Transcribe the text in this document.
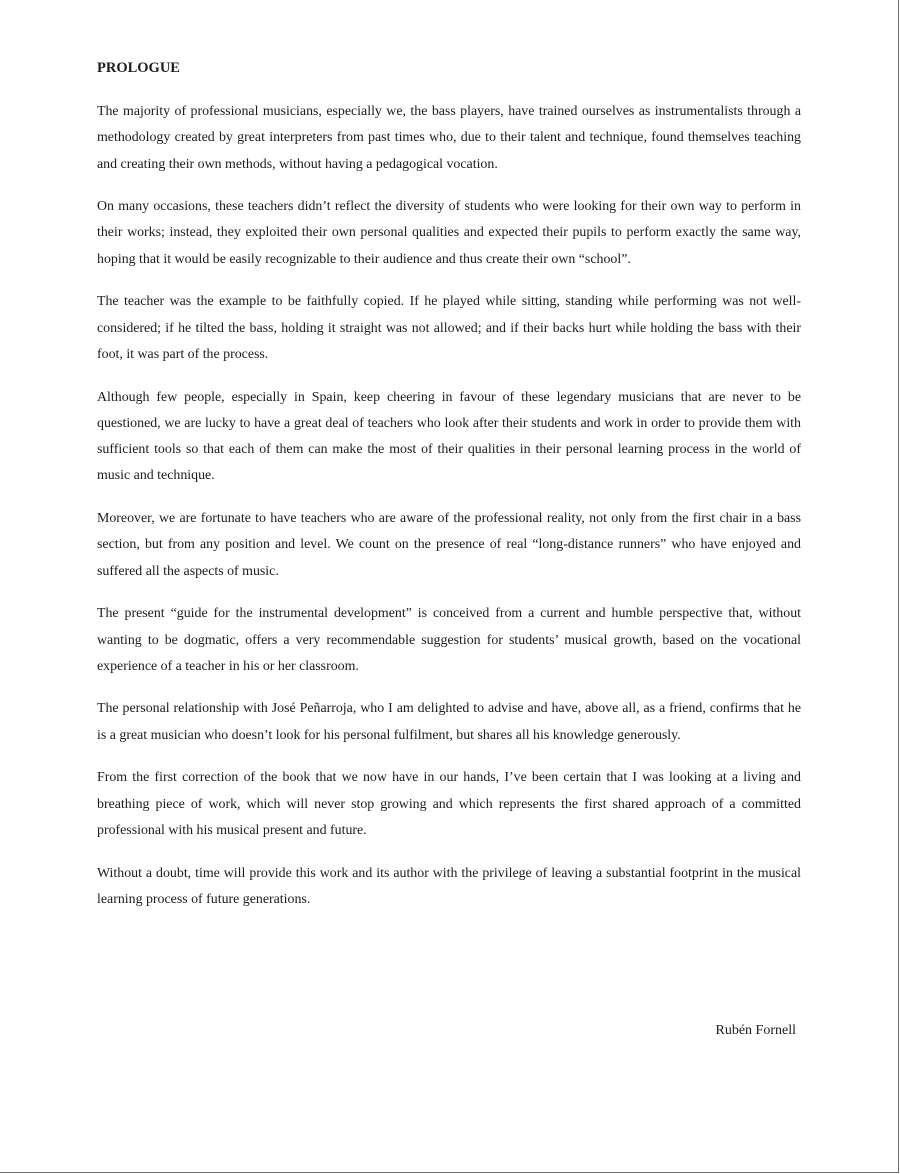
PROLOGUE

The majority of professional musicians, especially we, the bass players, have trained ourselves as instrumentalists through a methodology created by great interpreters from past times who, due to their talent and technique, found themselves teaching and creating their own methods, without having a pedagogical vocation.

On many occasions, these teachers didn’t reflect the diversity of students who were looking for their own way to perform in their works; instead, they exploited their own personal qualities and expected their pupils to perform exactly the same way, hoping that it would be easily recognizable to their audience and thus create their own “school”.

The teacher was the example to be faithfully copied. If he played while sitting, standing while performing was not well-considered; if he tilted the bass, holding it straight was not allowed; and if their backs hurt while holding the bass with their foot, it was part of the process.

Although few people, especially in Spain, keep cheering in favour of these legendary musicians that are never to be questioned, we are lucky to have a great deal of teachers who look after their students and work in order to provide them with sufficient tools so that each of them can make the most of their qualities in their personal learning process in the world of music and technique.

Moreover, we are fortunate to have teachers who are aware of the professional reality, not only from the first chair in a bass section, but from any position and level. We count on the presence of real “long-distance runners” who have enjoyed and suffered all the aspects of music.

The present “guide for the instrumental development” is conceived from a current and humble perspective that, without wanting to be dogmatic, offers a very recommendable suggestion for students’ musical growth, based on the vocational experience of a teacher in his or her classroom.

The personal relationship with José Peñarroja, who I am delighted to advise and have, above all, as a friend, confirms that he is a great musician who doesn’t look for his personal fulfilment, but shares all his knowledge generously.

From the first correction of the book that we now have in our hands, I’ve been certain that I was looking at a living and breathing piece of work, which will never stop growing and which represents the first shared approach of a committed professional with his musical present and future.

Without a doubt, time will provide this work and its author with the privilege of leaving a substantial footprint in the musical learning process of future generations.

Rubén Fornell
